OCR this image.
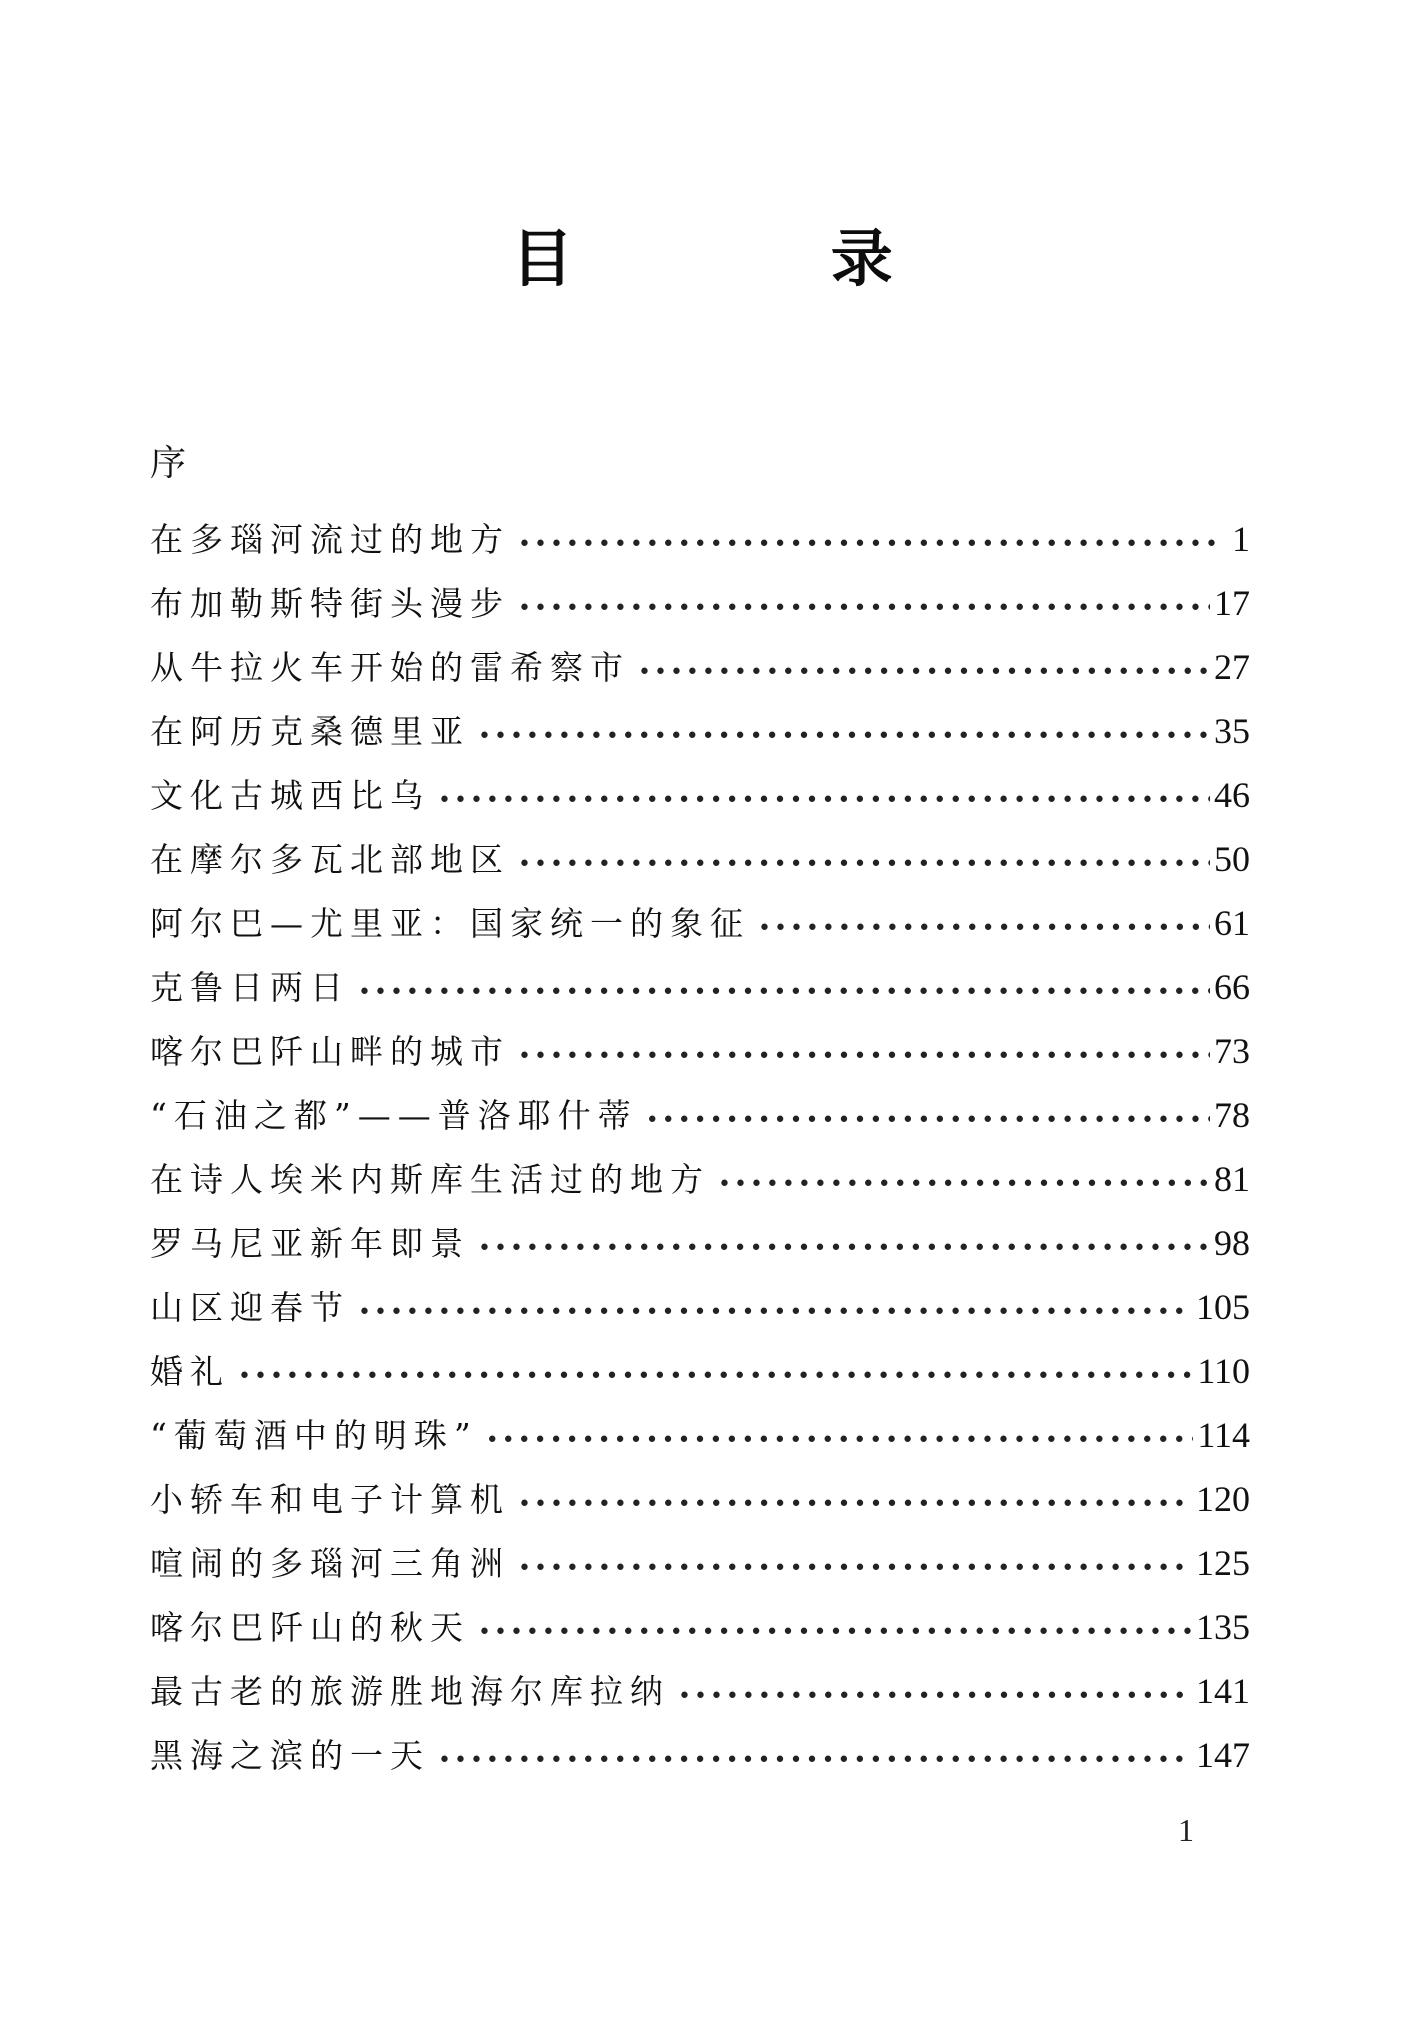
目 录
序
在多瑙河流过的地方 •••••	1
布加勒斯特街头漫步 •••••	17
从牛拉火车开始的雷希察市 •••••	27
在阿历克桑德里亚 •••••	35
文化古城西比乌 •••••	46
在摩尔多瓦北部地区 •••••	50
阿尔巴—尤里亚：国家统一的象征 •••••	61
克鲁日两日 •••••	66
喀尔巴阡山畔的城市 •••••	73
“石油之都”——普洛耶什蒂 •••••	78
在诗人埃米内斯库生活过的地方 •••••	81
罗马尼亚新年即景 •••••	98
山区迎春节 •••••	105
婚礼 •••••	110
“葡萄酒中的明珠” •••••	114
小轿车和电子计算机 •••••	120
喧闹的多瑙河三角洲 •••••	125
喀尔巴阡山的秋天 •••••	135
最古老的旅游胜地海尔库拉纳 •••••	141
黑海之滨的一天 •••••	147
1
